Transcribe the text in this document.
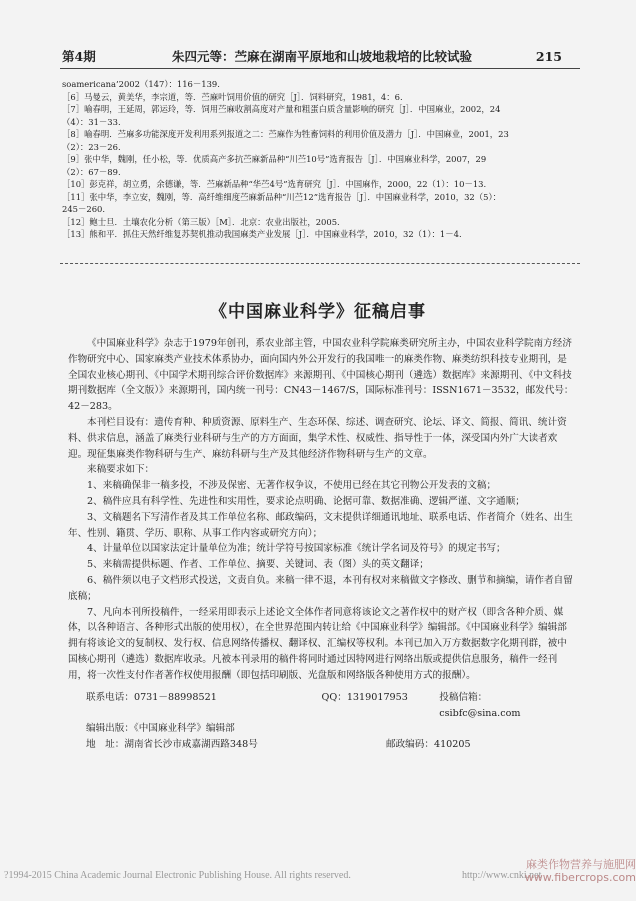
第4期	朱四元等：苎麻在湖南平原地和山坡地栽培的比较试验	215
soamericana’2002（147）：116－139.
［6］马曼云，黄美华，李宗道，等．苎麻叶饲用价值的研究［J］．饲料研究，1981，4：6.
［7］喻春明，王延周，郭运玲，等．饲用苎麻收割高度对产量和粗蛋白质含量影响的研究［J］．中国麻业，2002，24
（4）：31－33.
［8］喻春明．苎麻多功能深度开发利用系列报道之二：苎麻作为牲畜饲料的利用价值及潜力［J］．中国麻业，2001，23
（2）：23－26.
［9］张中华，魏刚，任小松，等．优质高产多抗苎麻新品种“川苎10号”选育报告［J］．中国麻业科学，2007，29
（2）：67－89.
［10］彭克祥，胡立勇，余德谦，等．苎麻新品种“华苎4号”选育研究［J］．中国麻作，2000，22（1）：10－13.
［11］张中华，李立安，魏刚，等．高纤维细度苎麻新品种“川苎12”选育报告［J］．中国麻业科学，2010，32（5）：
245－260.
［12］鲍士旦．土壤农化分析（第三版）［M］．北京：农业出版社，2005.
［13］熊和平．抓住天然纤维复苏契机推动我国麻类产业发展［J］．中国麻业科学，2010，32（1）：1－4.
《中国麻业科学》征稿启事

《中国麻业科学》杂志于1979年创刊，系农业部主管，中国农业科学院麻类研究所主办，中国农业科学院南方经济作物研究中心、国家麻类产业技术体系协办，面向国内外公开发行的我国唯一的麻类作物、麻类纺织科技专业期刊，是全国农业核心期刊、《中国学术期刊综合评价数据库》来源期刊、《中国核心期刊（遴选）数据库》来源期刊、《中文科技期刊数据库（全文版）》来源期刊，国内统一刊号：CN43－1467/S，国际标准刊号：ISSN1671－3532，邮发代号：42－283。

本刊栏目设有：遗传育种、种质资源、原料生产、生态环保、综述、调查研究、论坛、译文、简报、简讯、统计资料、供求信息，涵盖了麻类行业科研与生产的方方面面，集学术性、权威性、指导性于一体，深受国内外广大读者欢迎。现征集麻类作物科研与生产、麻纺科研与生产及其他经济作物科研与生产的文章。

来稿要求如下：

1、来稿确保非一稿多投，不涉及保密、无著作权争议，不使用已经在其它刊物公开发表的文稿；

2、稿件应具有科学性、先进性和实用性，要求论点明确、论据可靠、数据准确、逻辑严谨、文字通顺；

3、文稿题名下写清作者及其工作单位名称、邮政编码，文末提供详细通讯地址、联系电话、作者简介（姓名、出生年、性别、籍贯、学历、职称、从事工作内容或研究方向）；

4、计量单位以国家法定计量单位为准；统计学符号按国家标准《统计学名词及符号》的规定书写；

5、来稿需提供标题、作者、工作单位、摘要、关键词、表（图）头的英文翻译；

6、稿件须以电子文档形式投送，文责自负。来稿一律不退，本刊有权对来稿做文字修改、删节和摘编，请作者自留底稿；

7、凡向本刊所投稿件，一经采用即表示上述论文全体作者同意将该论文之著作权中的财产权（即含各种介质、媒体，以各种语言、各种形式出版的使用权），在全世界范围内转让给《中国麻业科学》编辑部。《中国麻业科学》编辑部拥有将该论文的复制权、发行权、信息网络传播权、翻译权、汇编权等权利。本刊已加入万方数据数字化期刊群，被中国核心期刊（遴选）数据库收录。凡被本刊录用的稿件将同时通过因特网进行网络出版或提供信息服务，稿件一经刊用，将一次性支付作者著作权使用报酬（即包括印刷版、光盘版和网络版各种使用方式的报酬）。

联系电话：0731－88998521	QQ：1319017953	投稿信箱：csibfc@sina.com
编辑出版：《中国麻业科学》编辑部
地　址：湖南省长沙市咸嘉湖西路348号	邮政编码：410205
?1994-2015 China Academic Journal Electronic Publishing House. All rights reserved.	http://www.cnki.net
麻类作物营养与施肥网 www.fibercrops.com
